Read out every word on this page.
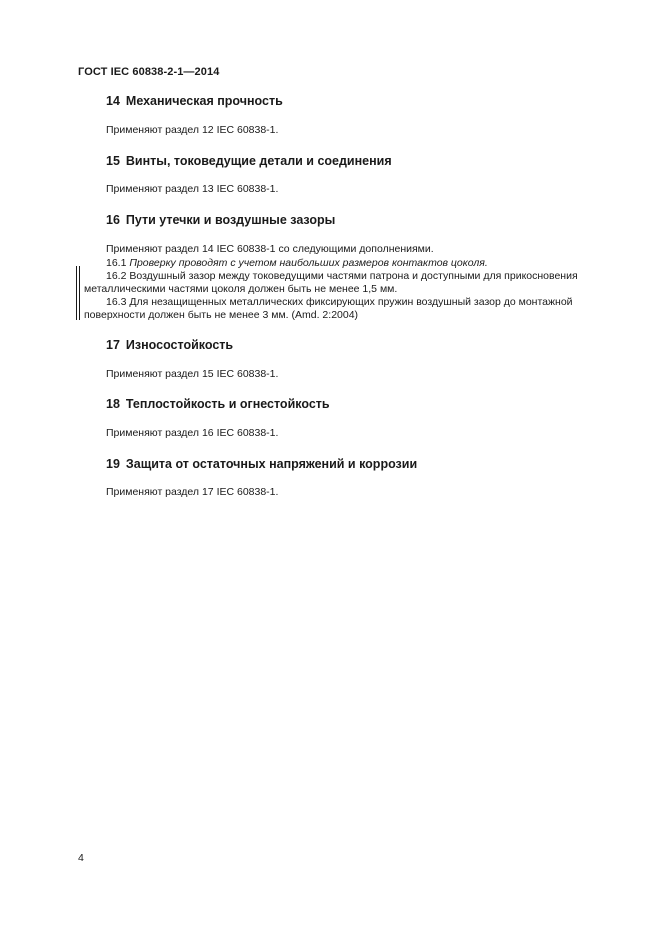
ГОСТ IEC 60838-2-1—2014
14 Механическая прочность
Применяют раздел 12 IEC 60838-1.
15 Винты, токоведущие детали и соединения
Применяют раздел 13 IEC 60838-1.
16 Пути утечки и воздушные зазоры
Применяют раздел 14 IEC 60838-1 со следующими дополнениями.
16.1 Проверку проводят с учетом наибольших размеров контактов цоколя.
16.2 Воздушный зазор между токоведущими частями патрона и доступными для прикосновения
металлическими частями цоколя должен быть не менее 1,5 мм.
16.3 Для незащищенных металлических фиксирующих пружин воздушный зазор до монтажной
поверхности должен быть не менее 3 мм. (Amd. 2:2004)
17 Износостойкость
Применяют раздел 15 IEC 60838-1.
18 Теплостойкость и огнестойкость
Применяют раздел 16 IEC 60838-1.
19 Защита от остаточных напряжений и коррозии
Применяют раздел 17 IEC 60838-1.
4
